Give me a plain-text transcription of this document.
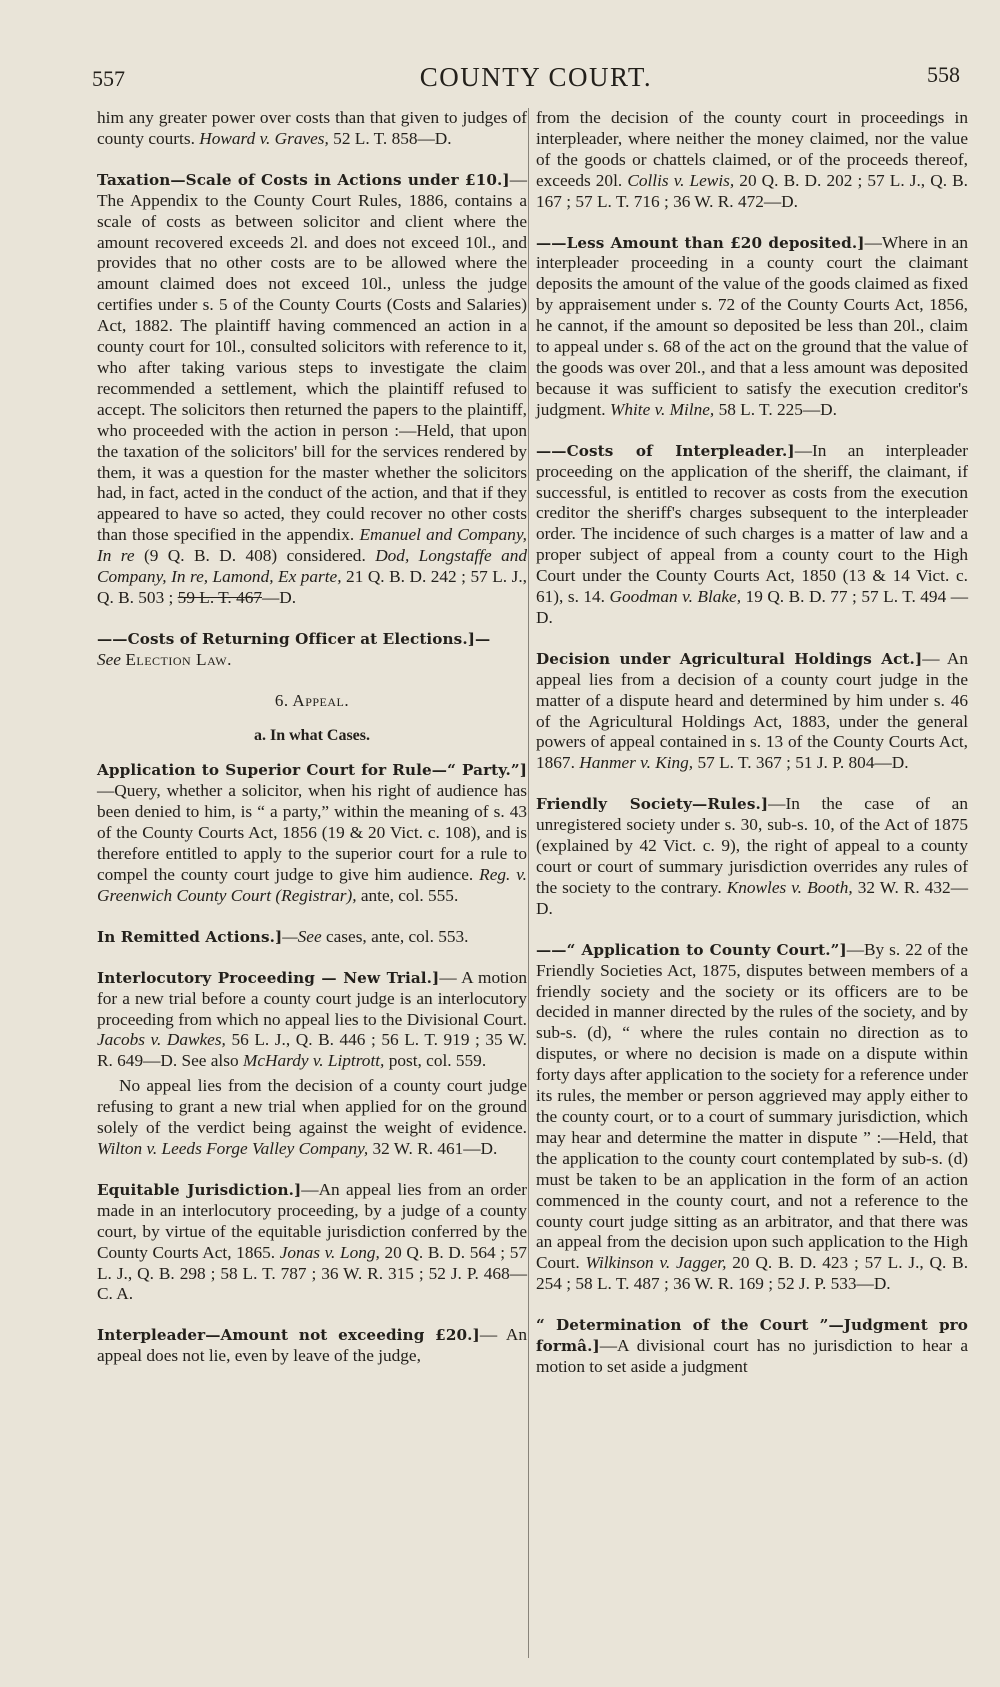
557	COUNTY COURT.	558

him any greater power over costs than that given to judges of county courts. Howard v. Graves, 52 L. T. 858—D.

Taxation—Scale of Costs in Actions under £10.]—The Appendix to the County Court Rules, 1886, contains a scale of costs as between solicitor and client where the amount recovered exceeds 2l. and does not exceed 10l., and provides that no other costs are to be allowed where the amount claimed does not exceed 10l., unless the judge certifies under s. 5 of the County Courts (Costs and Salaries) Act, 1882. The plaintiff having commenced an action in a county court for 10l., consulted solicitors with reference to it, who after taking various steps to investigate the claim recommended a settlement, which the plaintiff refused to accept. The solicitors then returned the papers to the plaintiff, who proceeded with the action in person :—Held, that upon the taxation of the solicitors' bill for the services rendered by them, it was a question for the master whether the solicitors had, in fact, acted in the conduct of the action, and that if they appeared to have so acted, they could recover no other costs than those specified in the appendix. Emanuel and Company, In re (9 Q. B. D. 408) considered. Dod, Longstaffe and Company, In re, Lamond, Ex parte, 21 Q. B. D. 242 ; 57 L. J., Q. B. 503 ; 59 L. T. 467—D.

——Costs of Returning Officer at Elections.]—
See Election Law.

6. Appeal.
a. In what Cases.

Application to Superior Court for Rule—“ Party.”]—Query, whether a solicitor, when his right of audience has been denied to him, is “ a party,” within the meaning of s. 43 of the County Courts Act, 1856 (19 & 20 Vict. c. 108), and is therefore entitled to apply to the superior court for a rule to compel the county court judge to give him audience. Reg. v. Greenwich County Court (Registrar), ante, col. 555.

In Remitted Actions.]—See cases, ante, col. 553.

Interlocutory Proceeding — New Trial.]— A motion for a new trial before a county court judge is an interlocutory proceeding from which no appeal lies to the Divisional Court. Jacobs v. Dawkes, 56 L. J., Q. B. 446 ; 56 L. T. 919 ; 35 W. R. 649—D. See also McHardy v. Liptrott, post, col. 559.

No appeal lies from the decision of a county court judge refusing to grant a new trial when applied for on the ground solely of the verdict being against the weight of evidence. Wilton v. Leeds Forge Valley Company, 32 W. R. 461—D.

Equitable Jurisdiction.]—An appeal lies from an order made in an interlocutory proceeding, by a judge of a county court, by virtue of the equitable jurisdiction conferred by the County Courts Act, 1865. Jonas v. Long, 20 Q. B. D. 564 ; 57 L. J., Q. B. 298 ; 58 L. T. 787 ; 36 W. R. 315 ; 52 J. P. 468—C. A.

Interpleader—Amount not exceeding £20.]— An appeal does not lie, even by leave of the judge,

from the decision of the county court in proceedings in interpleader, where neither the money claimed, nor the value of the goods or chattels claimed, or of the proceeds thereof, exceeds 20l. Collis v. Lewis, 20 Q. B. D. 202 ; 57 L. J., Q. B. 167 ; 57 L. T. 716 ; 36 W. R. 472—D.

——Less Amount than £20 deposited.]—Where in an interpleader proceeding in a county court the claimant deposits the amount of the value of the goods claimed as fixed by appraisement under s. 72 of the County Courts Act, 1856, he cannot, if the amount so deposited be less than 20l., claim to appeal under s. 68 of the act on the ground that the value of the goods was over 20l., and that a less amount was deposited because it was sufficient to satisfy the execution creditor's judgment. White v. Milne, 58 L. T. 225—D.

——Costs of Interpleader.]—In an interpleader proceeding on the application of the sheriff, the claimant, if successful, is entitled to recover as costs from the execution creditor the sheriff's charges subsequent to the interpleader order. The incidence of such charges is a matter of law and a proper subject of appeal from a county court to the High Court under the County Courts Act, 1850 (13 & 14 Vict. c. 61), s. 14. Goodman v. Blake, 19 Q. B. D. 77 ; 57 L. T. 494 —D.

Decision under Agricultural Holdings Act.]— An appeal lies from a decision of a county court judge in the matter of a dispute heard and determined by him under s. 46 of the Agricultural Holdings Act, 1883, under the general powers of appeal contained in s. 13 of the County Courts Act, 1867. Hanmer v. King, 57 L. T. 367 ; 51 J. P. 804—D.

Friendly Society—Rules.]—In the case of an unregistered society under s. 30, sub-s. 10, of the Act of 1875 (explained by 42 Vict. c. 9), the right of appeal to a county court or court of summary jurisdiction overrides any rules of the society to the contrary. Knowles v. Booth, 32 W. R. 432—D.

——“ Application to County Court.”]—By s. 22 of the Friendly Societies Act, 1875, disputes between members of a friendly society and the society or its officers are to be decided in manner directed by the rules of the society, and by sub-s. (d), “ where the rules contain no direction as to disputes, or where no decision is made on a dispute within forty days after application to the society for a reference under its rules, the member or person aggrieved may apply either to the county court, or to a court of summary jurisdiction, which may hear and determine the matter in dispute ” :—Held, that the application to the county court contemplated by sub-s. (d) must be taken to be an application in the form of an action commenced in the county court, and not a reference to the county court judge sitting as an arbitrator, and that there was an appeal from the decision upon such application to the High Court. Wilkinson v. Jagger, 20 Q. B. D. 423 ; 57 L. J., Q. B. 254 ; 58 L. T. 487 ; 36 W. R. 169 ; 52 J. P. 533—D.

“ Determination of the Court ”—Judgment pro formâ.]—A divisional court has no jurisdiction to hear a motion to set aside a judgment
